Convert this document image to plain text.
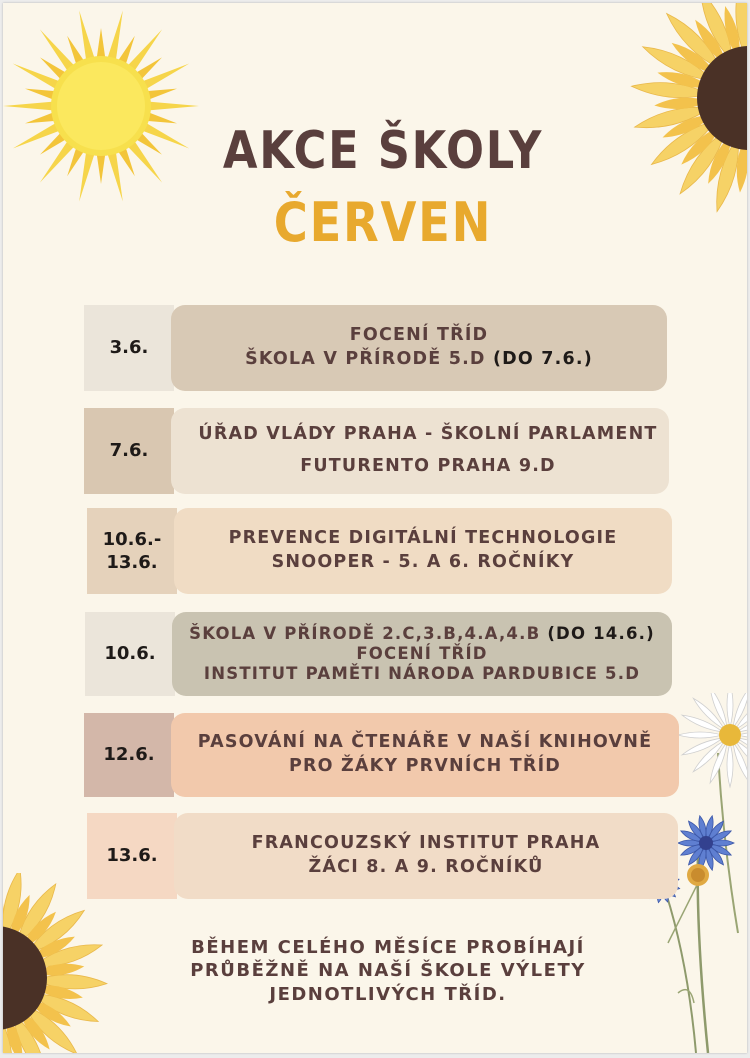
AKCE ŠKOLY
ČERVEN
3.6.
FOCENÍ TŘÍD
ŠKOLA V PŘÍRODĚ 5.D (DO 7.6.)
7.6.
ÚŘAD VLÁDY PRAHA - ŠKOLNÍ PARLAMENT
FUTURENTO PRAHA 9.D
10.6.-
13.6.
PREVENCE DIGITÁLNÍ TECHNOLOGIE
SNOOPER - 5. A 6. ROČNÍKY
10.6.
ŠKOLA V PŘÍRODĚ 2.C,3.B,4.A,4.B (DO 14.6.)
FOCENÍ TŘÍD
INSTITUT PAMĚTI NÁRODA PARDUBICE 5.D
12.6.
PASOVÁNÍ NA ČTENÁŘE V NAŠÍ KNIHOVNĚ
PRO ŽÁKY PRVNÍCH TŘÍD
13.6.
FRANCOUZSKÝ INSTITUT PRAHA
ŽÁCI 8. A 9. ROČNÍKŮ
BĚHEM CELÉHO MĚSÍCE PROBÍHAJÍ
PRŮBĚŽNĚ NA NAŠÍ ŠKOLE VÝLETY
JEDNOTLIVÝCH TŘÍD.
